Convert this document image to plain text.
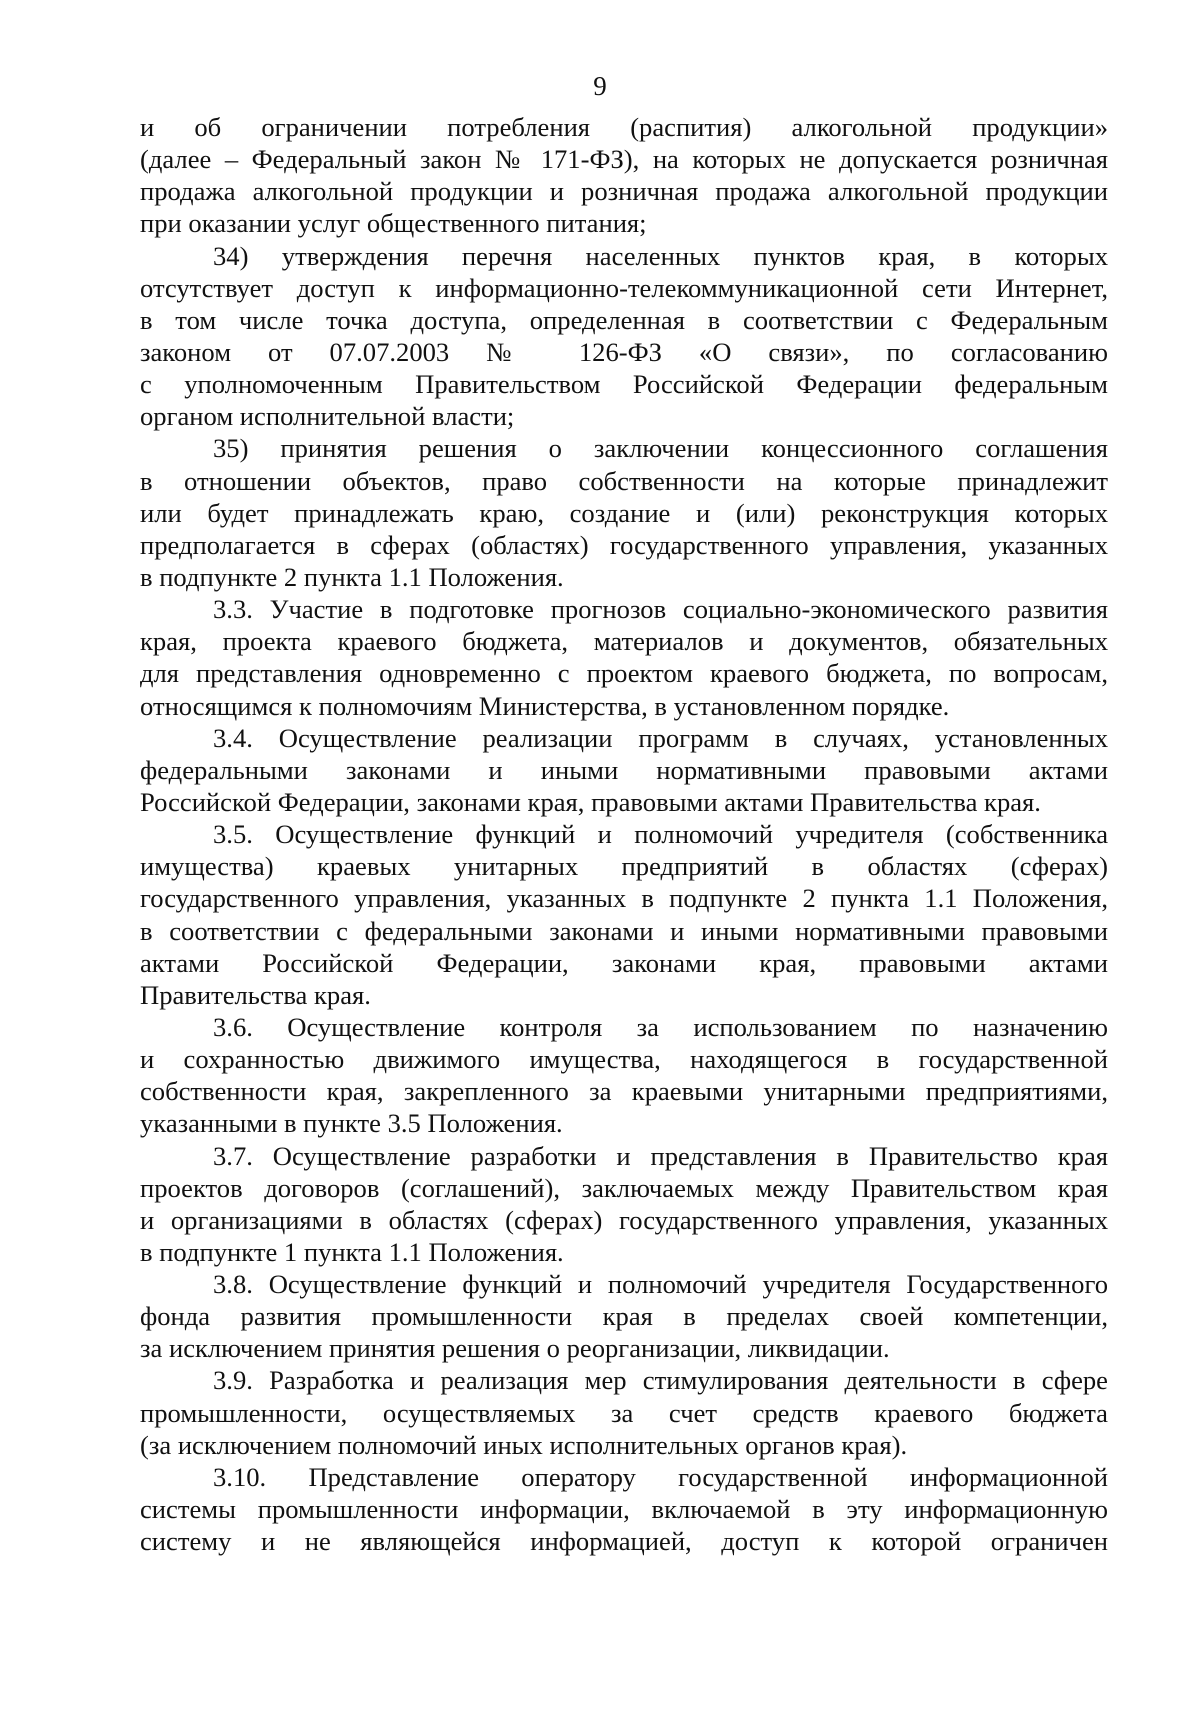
9
и об ограничении потребления (распития) алкогольной продукции»
(далее – Федеральный закон № 171-ФЗ), на которых не допускается розничная
продажа алкогольной продукции и розничная продажа алкогольной продукции
при оказании услуг общественного питания;
34) утверждения перечня населенных пунктов края, в которых
отсутствует доступ к информационно-телекоммуникационной сети Интернет,
в том числе точка доступа, определенная в соответствии с Федеральным
законом от 07.07.2003 № 126-ФЗ «О связи», по согласованию
с уполномоченным Правительством Российской Федерации федеральным
органом исполнительной власти;
35) принятия решения о заключении концессионного соглашения
в отношении объектов, право собственности на которые принадлежит
или будет принадлежать краю, создание и (или) реконструкция которых
предполагается в сферах (областях) государственного управления, указанных
в подпункте 2 пункта 1.1 Положения.
3.3. Участие в подготовке прогнозов социально-экономического развития
края, проекта краевого бюджета, материалов и документов, обязательных
для представления одновременно с проектом краевого бюджета, по вопросам,
относящимся к полномочиям Министерства, в установленном порядке.
3.4. Осуществление реализации программ в случаях, установленных
федеральными законами и иными нормативными правовыми актами
Российской Федерации, законами края, правовыми актами Правительства края.
3.5. Осуществление функций и полномочий учредителя (собственника
имущества) краевых унитарных предприятий в областях (сферах)
государственного управления, указанных в подпункте 2 пункта 1.1 Положения,
в соответствии с федеральными законами и иными нормативными правовыми
актами Российской Федерации, законами края, правовыми актами
Правительства края.
3.6. Осуществление контроля за использованием по назначению
и сохранностью движимого имущества, находящегося в государственной
собственности края, закрепленного за краевыми унитарными предприятиями,
указанными в пункте 3.5 Положения.
3.7. Осуществление разработки и представления в Правительство края
проектов договоров (соглашений), заключаемых между Правительством края
и организациями в областях (сферах) государственного управления, указанных
в подпункте 1 пункта 1.1 Положения.
3.8. Осуществление функций и полномочий учредителя Государственного
фонда развития промышленности края в пределах своей компетенции,
за исключением принятия решения о реорганизации, ликвидации.
3.9. Разработка и реализация мер стимулирования деятельности в сфере
промышленности, осуществляемых за счет средств краевого бюджета
(за исключением полномочий иных исполнительных органов края).
3.10. Представление оператору государственной информационной
системы промышленности информации, включаемой в эту информационную
систему и не являющейся информацией, доступ к которой ограничен
